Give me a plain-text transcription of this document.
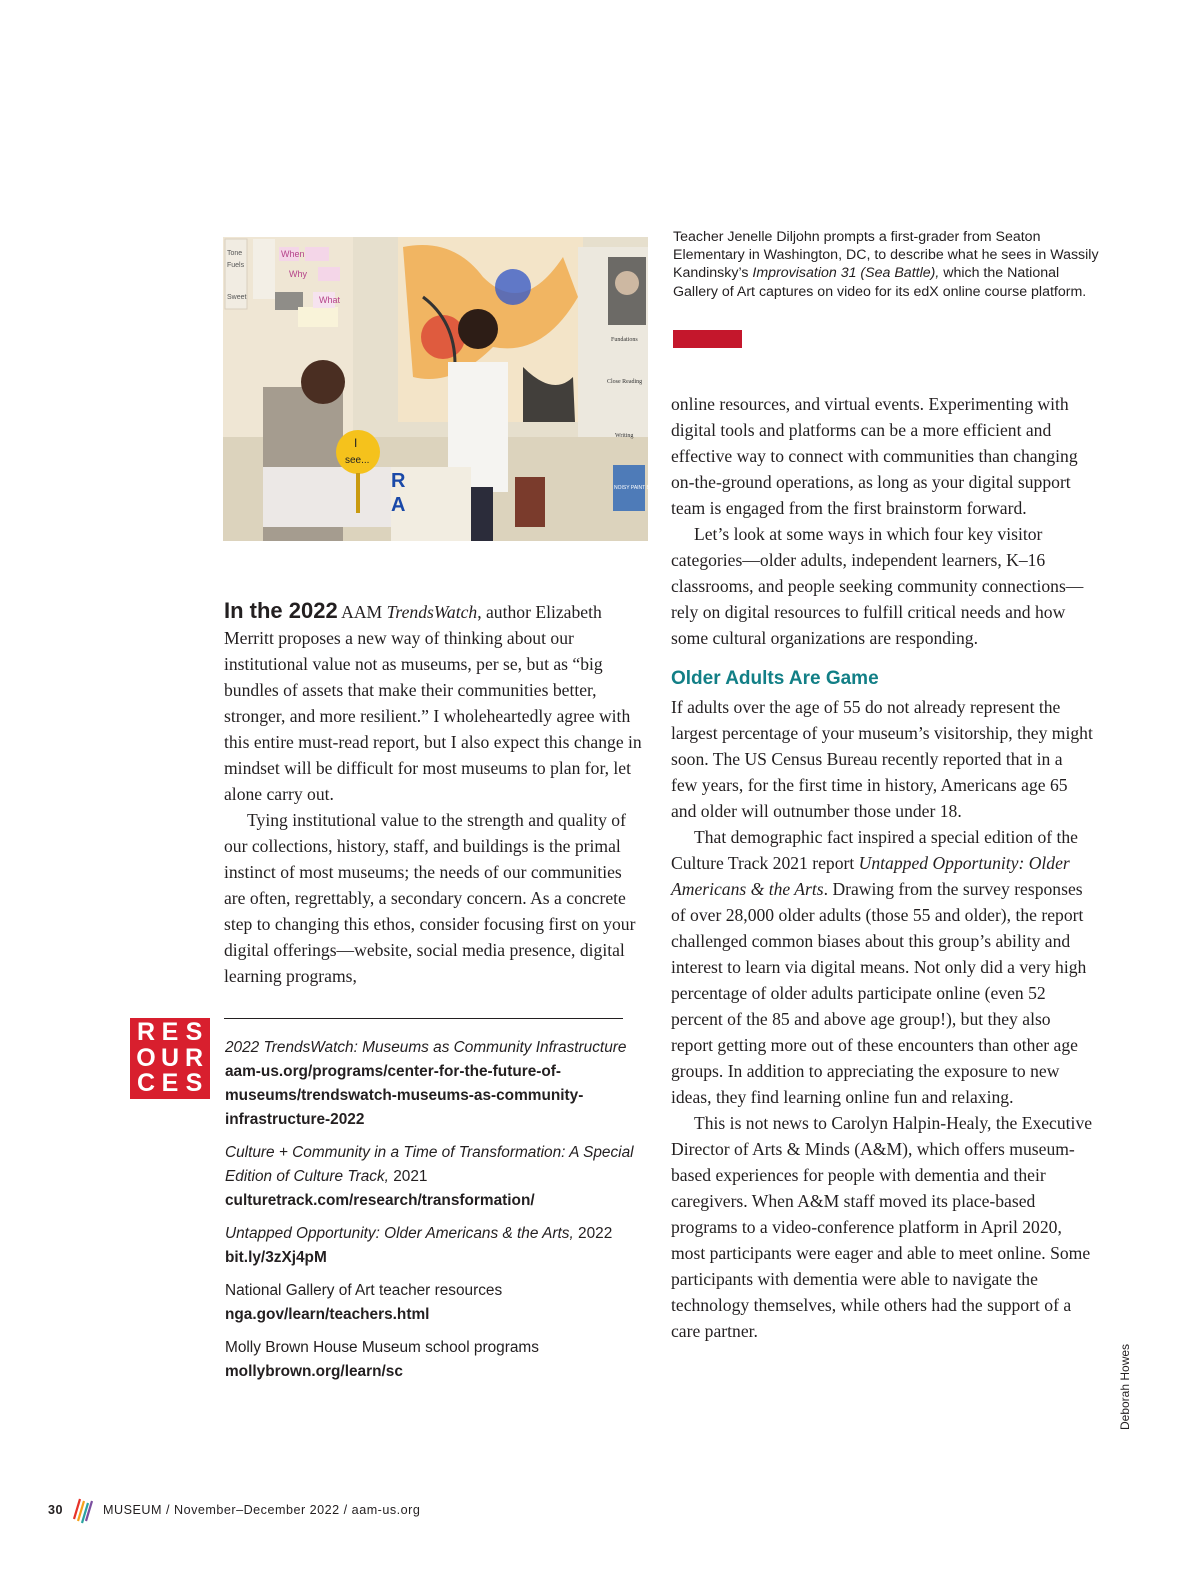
When
Why
What
Tone
Fuels
Sweet
I
see...
R
A
Fundations
Close Reading
Writing
NOISY PAINT BOX
Teacher Jenelle Diljohn prompts a first-grader from Seaton Elementary in Washington, DC, to describe what he sees in Wassily Kandinsky’s Improvisation 31 (Sea Battle), which the National Gallery of Art captures on video for its edX online course platform.

In the 2022 AAM TrendsWatch, author Elizabeth Merritt proposes a new way of thinking about our institutional value not as museums, per se, but as “big bundles of assets that make their communities better, stronger, and more resilient.” I wholeheartedly agree with this entire must-read report, but I also expect this change in mindset will be difficult for most museums to plan for, let alone carry out.

Tying institutional value to the strength and quality of our collections, history, staff, and buildings is the primal instinct of most museums; the needs of our communities are often, regrettably, a secondary concern. As a concrete step to changing this ethos, consider focusing first on your digital offerings—website, social media presence, digital learning programs,

online resources, and virtual events. Experimenting with digital tools and platforms can be a more efficient and effective way to connect with communities than changing on-the-ground operations, as long as your digital support team is engaged from the first brainstorm forward.

Let’s look at some ways in which four key visitor categories—older adults, independent learners, K–16 classrooms, and people seeking community connections—rely on digital resources to fulfill critical needs and how some cultural organizations are responding.

Older Adults Are Game

If adults over the age of 55 do not already represent the largest percentage of your museum’s visitorship, they might soon. The US Census Bureau recently reported that in a few years, for the first time in history, Americans age 65 and older will outnumber those under 18.

That demographic fact inspired a special edition of the Culture Track 2021 report Untapped Opportunity: Older Americans & the Arts. Drawing from the survey responses of over 28,000 older adults (those 55 and older), the report challenged common biases about this group’s ability and interest to learn via digital means. Not only did a very high percentage of older adults participate online (even 52 percent of the 85 and above age group!), but they also report getting more out of these encounters than other age groups. In addition to appreciating the exposure to new ideas, they find learning online fun and relaxing.

This is not news to Carolyn Halpin-Healy, the Executive Director of Arts & Minds (A&M), which offers museum-based experiences for people with dementia and their caregivers. When A&M staff moved its place-based programs to a video-conference platform in April 2020, most participants were eager and able to meet online. Some participants with dementia were able to navigate the technology themselves, while others had the support of a care partner.

R E S
O U R
C E S
2022 TrendsWatch: Museums as Community Infrastructure
aam-us.org/programs/center-for-the-future-of-museums/trendswatch-museums-as-community-infrastructure-2022
Culture + Community in a Time of Transformation: A Special Edition of Culture Track, 2021
culturetrack.com/research/transformation/
Untapped Opportunity: Older Americans & the Arts, 2022
bit.ly/3zXj4pM
National Gallery of Art teacher resources
nga.gov/learn/teachers.html
Molly Brown House Museum school programs
mollybrown.org/learn/sc	Deborah Howes
30	MUSEUM / November–December 2022 / aam-us.org
